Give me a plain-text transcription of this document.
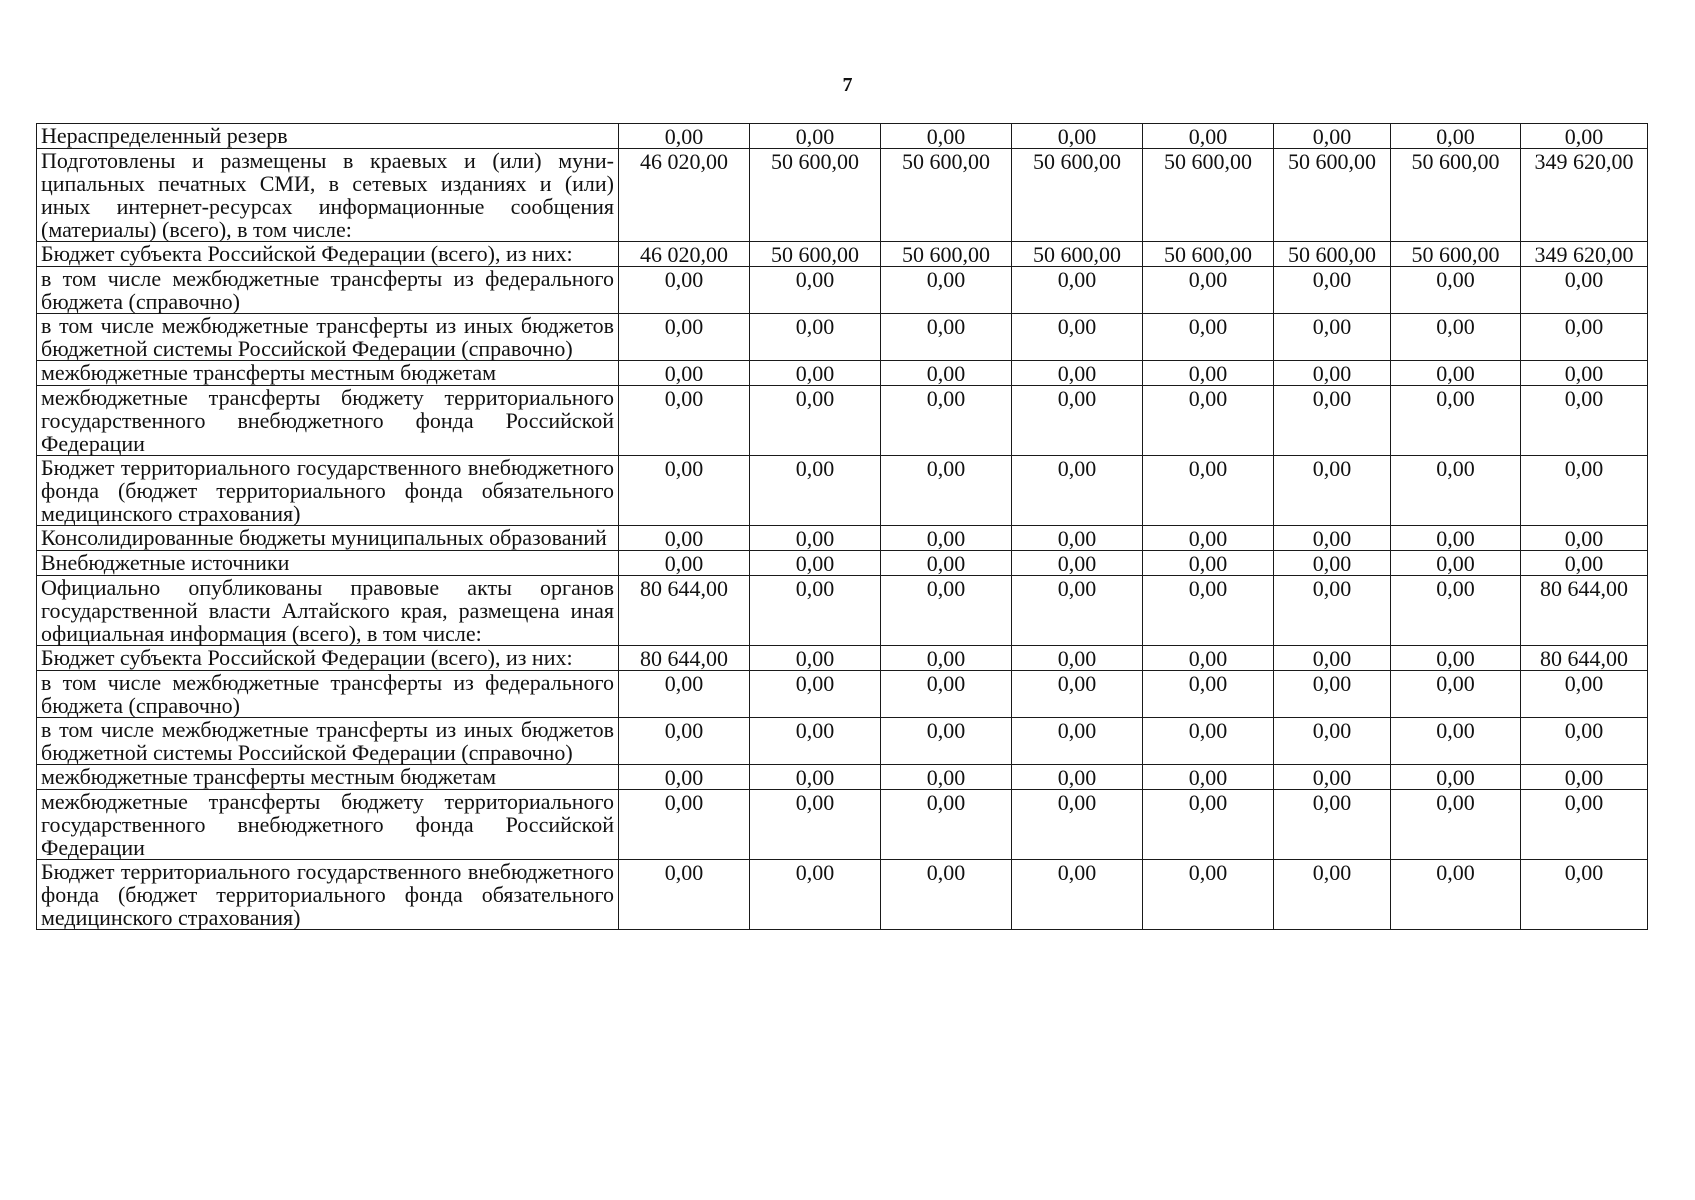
7
Нераспределенный резерв	0,00	0,00	0,00	0,00	0,00	0,00	0,00	0,00
Подготовлены и размещены в краевых и (или) муниципальных печатных СМИ, в сетевых изданиях и (или) иных интернет-ресурсах информационные сообщения (материалы) (всего), в том числе:	46 020,00	50 600,00	50 600,00	50 600,00	50 600,00	50 600,00	50 600,00	349 620,00
Бюджет субъекта Российской Федерации (всего), из них:	46 020,00	50 600,00	50 600,00	50 600,00	50 600,00	50 600,00	50 600,00	349 620,00
в том числе межбюджетные трансферты из федерального бюджета (справочно)	0,00	0,00	0,00	0,00	0,00	0,00	0,00	0,00
в том числе межбюджетные трансферты из иных бюджетов бюджетной системы Российской Федерации (справочно)	0,00	0,00	0,00	0,00	0,00	0,00	0,00	0,00
межбюджетные трансферты местным бюджетам	0,00	0,00	0,00	0,00	0,00	0,00	0,00	0,00
межбюджетные трансферты бюджету территориального государственного внебюджетного фонда Российской Федерации	0,00	0,00	0,00	0,00	0,00	0,00	0,00	0,00
Бюджет территориального государственного внебюджетного фонда (бюджет территориального фонда обязательного медицинского страхования)	0,00	0,00	0,00	0,00	0,00	0,00	0,00	0,00
Консолидированные бюджеты муниципальных образований	0,00	0,00	0,00	0,00	0,00	0,00	0,00	0,00
Внебюджетные источники	0,00	0,00	0,00	0,00	0,00	0,00	0,00	0,00
Официально опубликованы правовые акты органов государственной власти Алтайского края, размещена иная официальная информация (всего), в том числе:	80 644,00	0,00	0,00	0,00	0,00	0,00	0,00	80 644,00
Бюджет субъекта Российской Федерации (всего), из них:	80 644,00	0,00	0,00	0,00	0,00	0,00	0,00	80 644,00
в том числе межбюджетные трансферты из федерального бюджета (справочно)	0,00	0,00	0,00	0,00	0,00	0,00	0,00	0,00
в том числе межбюджетные трансферты из иных бюджетов бюджетной системы Российской Федерации (справочно)	0,00	0,00	0,00	0,00	0,00	0,00	0,00	0,00
межбюджетные трансферты местным бюджетам	0,00	0,00	0,00	0,00	0,00	0,00	0,00	0,00
межбюджетные трансферты бюджету территориального государственного внебюджетного фонда Российской Федерации	0,00	0,00	0,00	0,00	0,00	0,00	0,00	0,00
Бюджет территориального государственного внебюджетного фонда (бюджет территориального фонда обязательного медицинского страхования)	0,00	0,00	0,00	0,00	0,00	0,00	0,00	0,00
